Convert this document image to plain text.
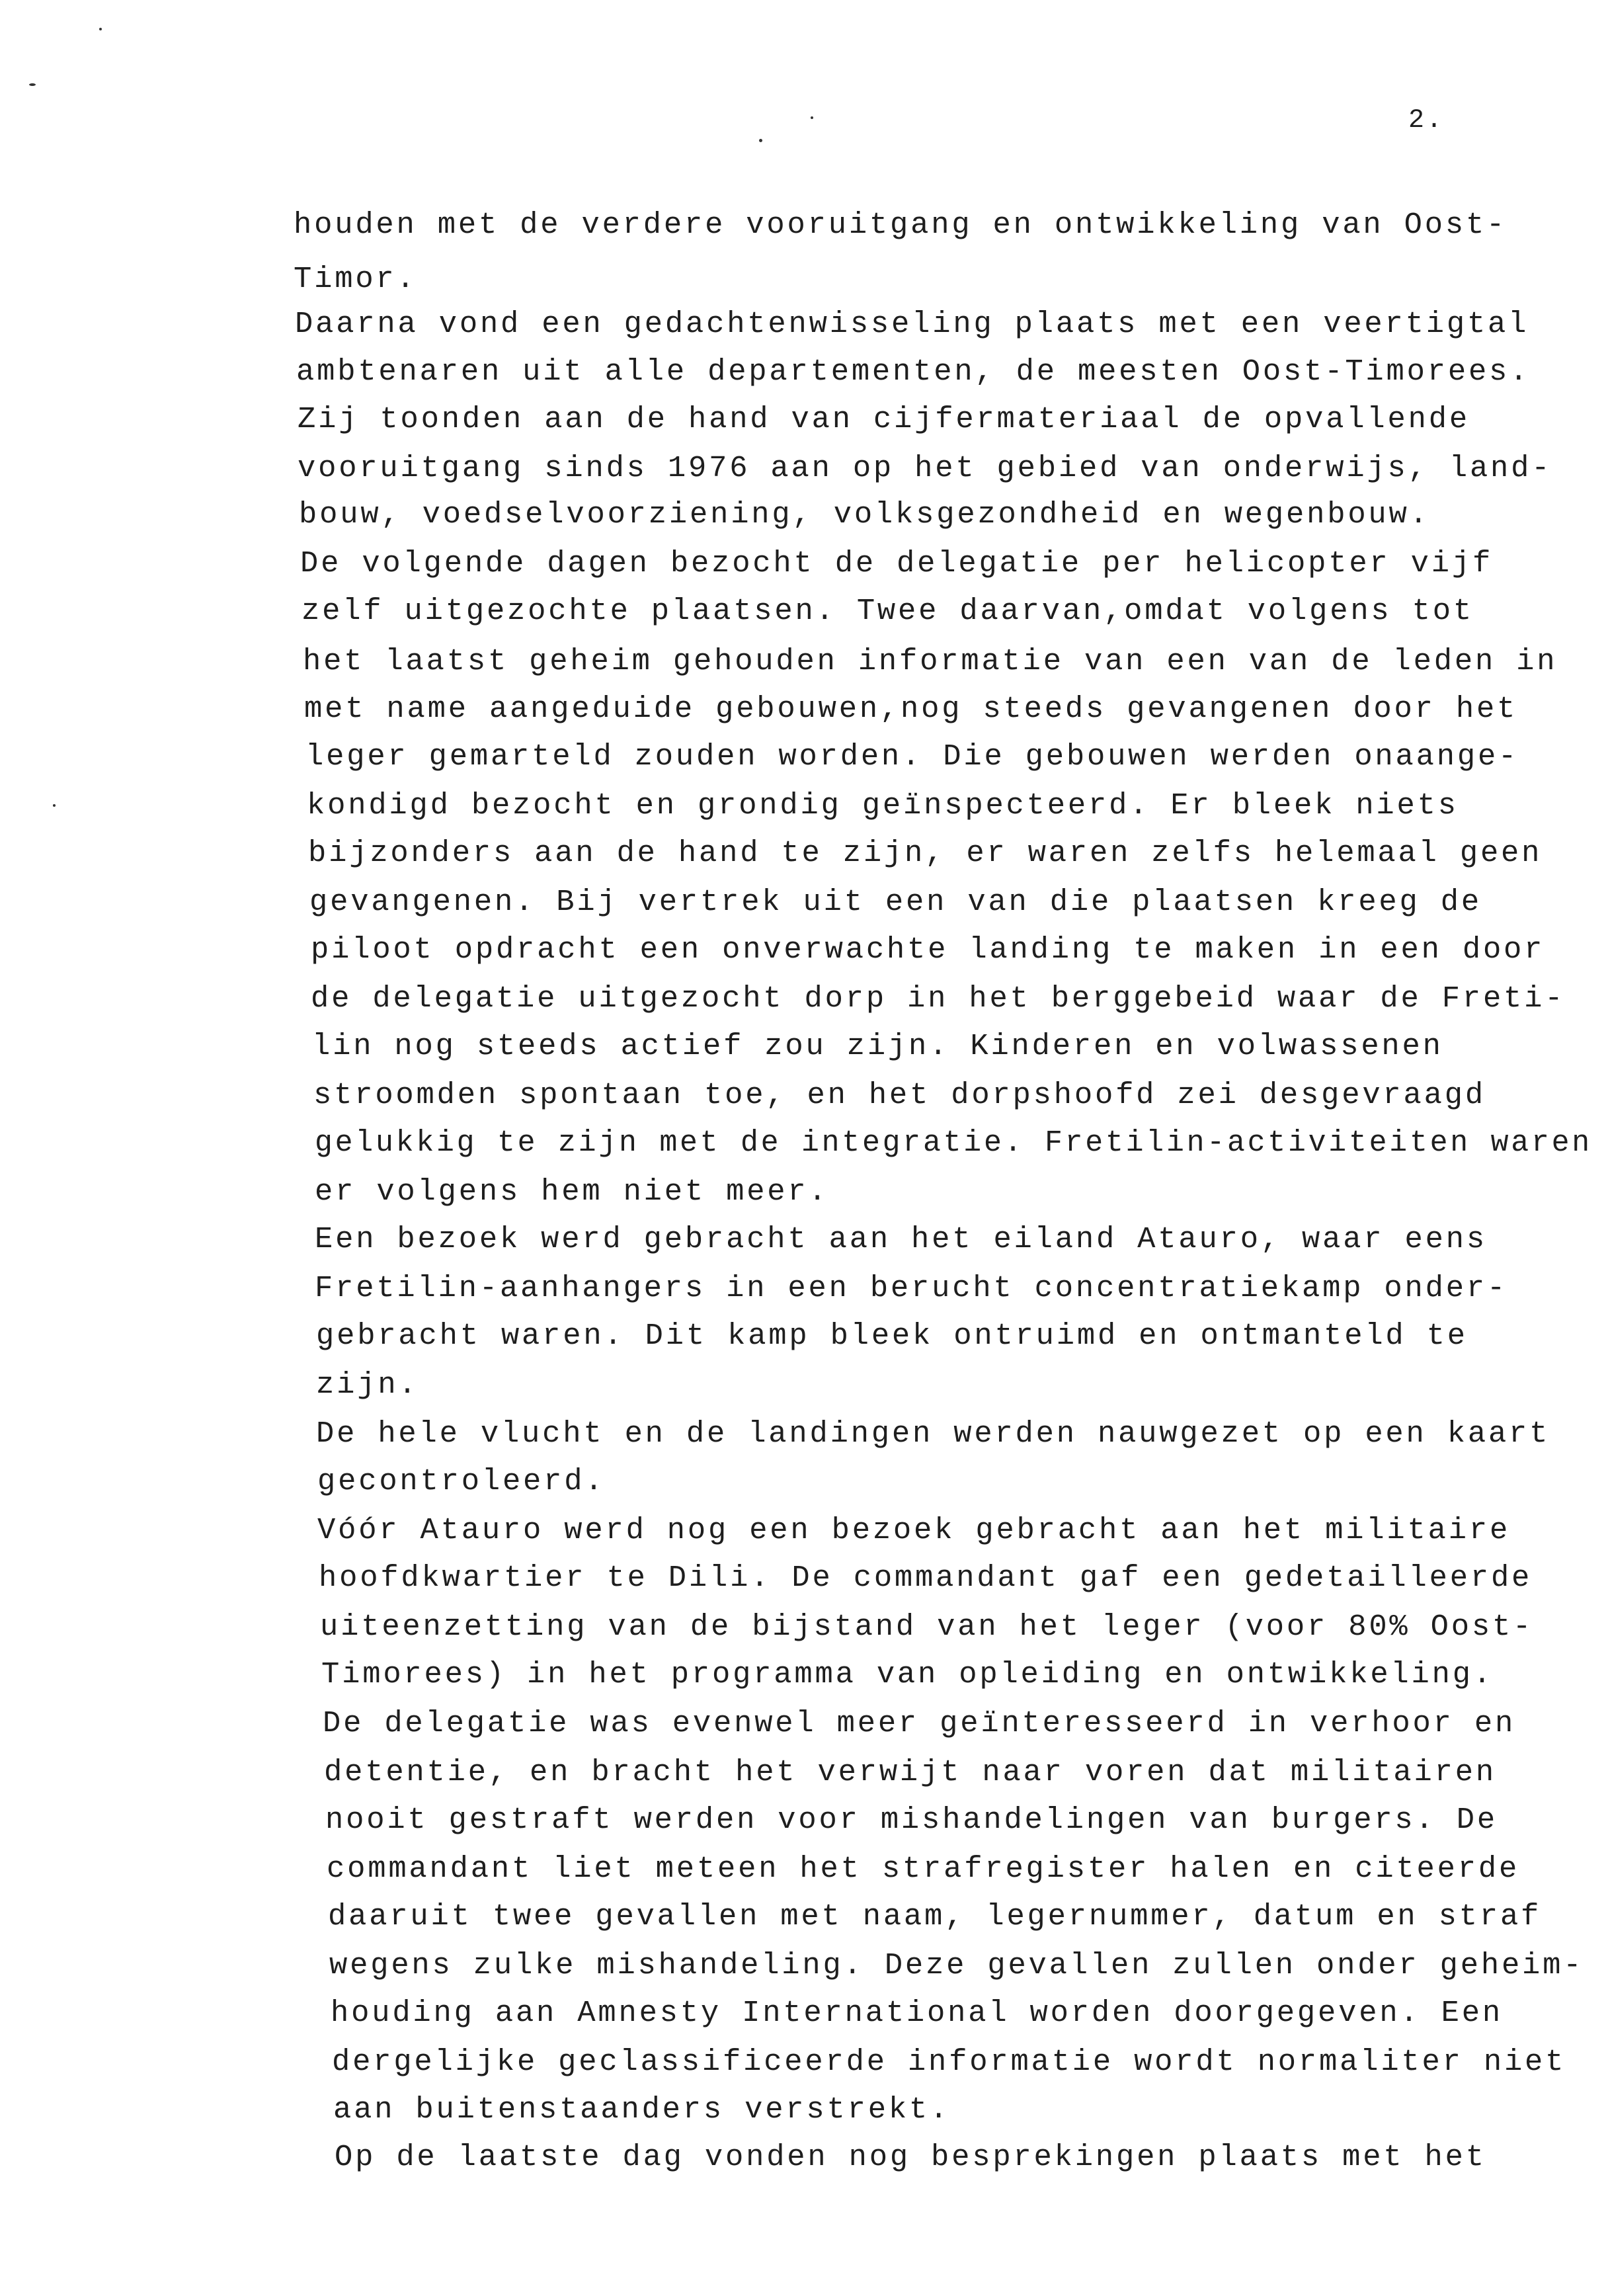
2.
houden met de verdere vooruitgang en ontwikkeling van Oost-
Timor.
Daarna vond een gedachtenwisseling plaats met een veertigtal
ambtenaren uit alle departementen, de meesten Oost-Timorees.
Zij toonden aan de hand van cijfermateriaal de opvallende
vooruitgang sinds 1976 aan op het gebied van onderwijs, land-
bouw, voedselvoorziening, volksgezondheid en wegenbouw.
De volgende dagen bezocht de delegatie per helicopter vijf
zelf uitgezochte plaatsen. Twee daarvan,omdat volgens tot
het laatst geheim gehouden informatie van een van de leden in
met name aangeduide gebouwen,nog steeds gevangenen door het
leger gemarteld zouden worden. Die gebouwen werden onaange-
kondigd bezocht en grondig geïnspecteerd. Er bleek niets
bijzonders aan de hand te zijn, er waren zelfs helemaal geen
gevangenen. Bij vertrek uit een van die plaatsen kreeg de
piloot opdracht een onverwachte landing te maken in een door
de delegatie uitgezocht dorp in het berggebeid waar de Freti-
lin nog steeds actief zou zijn. Kinderen en volwassenen
stroomden spontaan toe, en het dorpshoofd zei desgevraagd
gelukkig te zijn met de integratie. Fretilin-activiteiten waren
er volgens hem niet meer.
Een bezoek werd gebracht aan het eiland Atauro, waar eens
Fretilin-aanhangers in een berucht concentratiekamp onder-
gebracht waren. Dit kamp bleek ontruimd en ontmanteld te
zijn.
De hele vlucht en de landingen werden nauwgezet op een kaart
gecontroleerd.
Vóór Atauro werd nog een bezoek gebracht aan het militaire
hoofdkwartier te Dili. De commandant gaf een gedetailleerde
uiteenzetting van de bijstand van het leger (voor 80% Oost-
Timorees) in het programma van opleiding en ontwikkeling.
De delegatie was evenwel meer geïnteresseerd in verhoor en
detentie, en bracht het verwijt naar voren dat militairen
nooit gestraft werden voor mishandelingen van burgers. De
commandant liet meteen het strafregister halen en citeerde
daaruit twee gevallen met naam, legernummer, datum en straf
wegens zulke mishandeling. Deze gevallen zullen onder geheim-
houding aan Amnesty International worden doorgegeven. Een
dergelijke geclassificeerde informatie wordt normaliter niet
aan buitenstaanders verstrekt.
Op de laatste dag vonden nog besprekingen plaats met het
